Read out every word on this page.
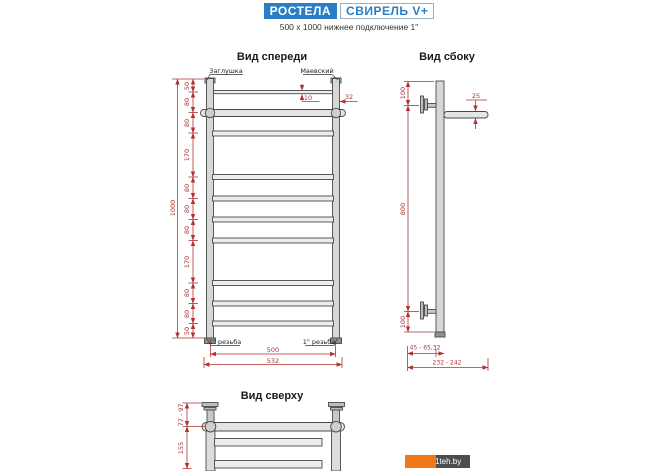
РОСТЕЛА	СВИРЕЛЬ V+
500 x 1000 нижнее подключение 1"
Вид спереди	Вид сбоку
Вид сверху
Заглушка	Маевский
1" резьба	1" резьба
50
80
80
170
80
80
80
170
80
80
50
1000
10	32
500
532
100
800
100
25
45 - 65,32
232 - 242
77 - 97
155
1teh.by
